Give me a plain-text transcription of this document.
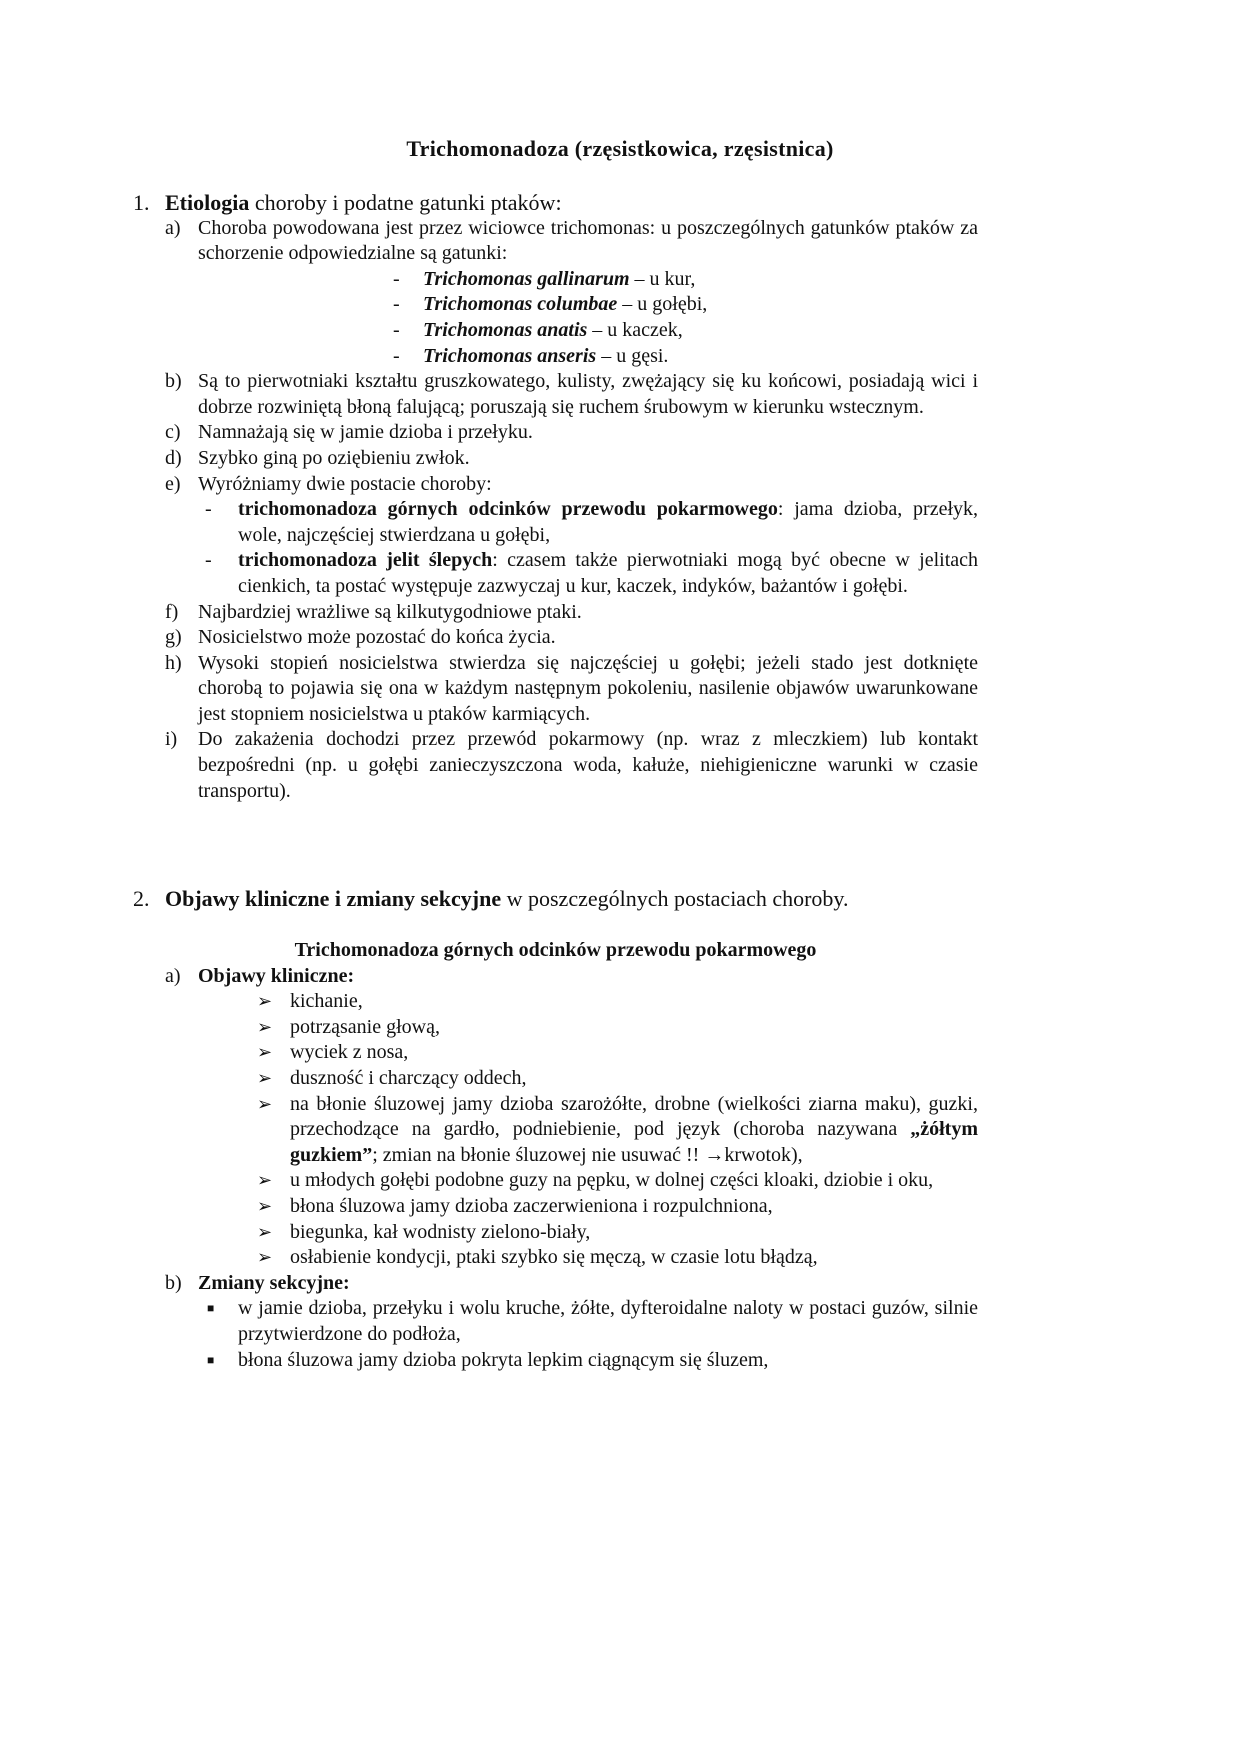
Trichomonadoza (rzęsistkowica, rzęsistnica)
1. Etiologia choroby i podatne gatunki ptaków:
a) Choroba powodowana jest przez wiciowce trichomonas: u poszczególnych gatunków ptaków za schorzenie odpowiedzialne są gatunki:
- Trichomonas gallinarum – u kur,
- Trichomonas columbae – u gołębi,
- Trichomonas anatis – u kaczek,
- Trichomonas anseris – u gęsi.
b) Są to pierwotniaki kształtu gruszkowatego, kulisty, zwężający się ku końcowi, posiadają wici i dobrze rozwiniętą błoną falującą; poruszają się ruchem śrubowym w kierunku wstecznym.
c) Namnażają się w jamie dzioba i przełyku.
d) Szybko giną po oziębieniu zwłok.
e) Wyróżniamy dwie postacie choroby:
- trichomonadoza górnych odcinków przewodu pokarmowego: jama dzioba, przełyk, wole, najczęściej stwierdzana u gołębi,
- trichomonadoza jelit ślepych: czasem także pierwotniaki mogą być obecne w jelitach cienkich, ta postać występuje zazwyczaj u kur, kaczek, indyków, bażantów i gołębi.
f) Najbardziej wrażliwe są kilkutygodniowe ptaki.
g) Nosicielstwo może pozostać do końca życia.
h) Wysoki stopień nosicielstwa stwierdza się najczęściej u gołębi; jeżeli stado jest dotknięte chorobą to pojawia się ona w każdym następnym pokoleniu, nasilenie objawów uwarunkowane jest stopniem nosicielstwa u ptaków karmiących.
i) Do zakażenia dochodzi przez przewód pokarmowy (np. wraz z mleczkiem) lub kontakt bezpośredni (np. u gołębi zanieczyszczona woda, kałuże, niehigieniczne warunki w czasie transportu).
2. Objawy kliniczne i zmiany sekcyjne w poszczególnych postaciach choroby.
Trichomonadoza górnych odcinków przewodu pokarmowego
a) Objawy kliniczne:
➢ kichanie,
➢ potrząsanie głową,
➢ wyciek z nosa,
➢ duszność i charczący oddech,
➢ na błonie śluzowej jamy dzioba szarożółte, drobne (wielkości ziarna maku), guzki, przechodzące na gardło, podniebienie, pod język (choroba nazywana „żółtym guzkiem”; zmian na błonie śluzowej nie usuwać !! →krwotok),
➢ u młodych gołębi podobne guzy na pępku, w dolnej części kloaki, dziobie i oku,
➢ błona śluzowa jamy dzioba zaczerwieniona i rozpulchniona,
➢ biegunka, kał wodnisty zielono-biały,
➢ osłabienie kondycji, ptaki szybko się męczą, w czasie lotu błądzą,
b) Zmiany sekcyjne:
■ w jamie dzioba, przełyku i wolu kruche, żółte, dyfteroidalne naloty w postaci guzów, silnie przytwierdzone do podłoża,
■ błona śluzowa jamy dzioba pokryta lepkim ciągnącym się śluzem,
